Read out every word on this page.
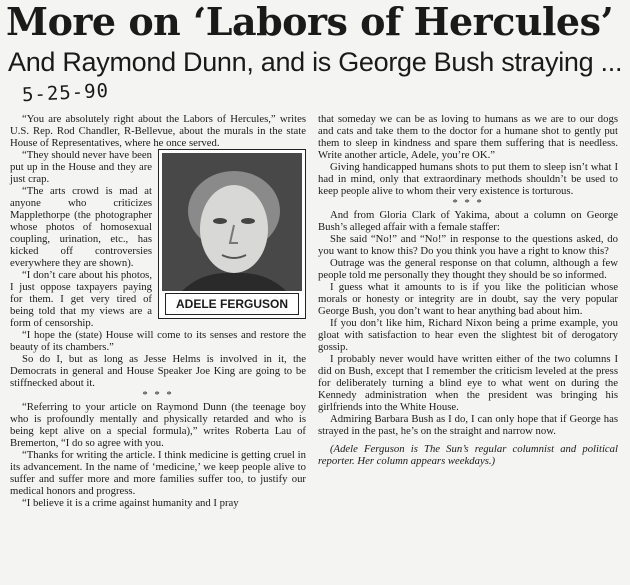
More on ‘Labors of Hercules’
And Raymond Dunn, and is George Bush straying ...
5-25-90

“You are absolutely right about the Labors of Hercules,” writes U.S. Rep. Rod Chandler, R-Bellevue, about the murals in the state House of Representatives, where he once served.

ADELE FERGUSON

“They should never have been put up in the House and they are just crap.

“The arts crowd is mad at anyone who criticizes Mapplethorpe (the photographer whose photos of homosexual coupling, urination, etc., has kicked off controversies everywhere they are shown).

“I don’t care about his photos, I just oppose taxpayers paying for them. I get very tired of being told that my views are a form of censorship.

“I hope the (state) House will come to its senses and restore the beauty of its chambers.”

So do I, but as long as Jesse Helms is involved in it, the Democrats in general and House Speaker Joe King are going to be stiffnecked about it.

* * *

“Referring to your article on Raymond Dunn (the teenage boy who is profoundly mentally and physically retarded and who is being kept alive on a special formula),” writes Roberta Lau of Bremerton, “I do so agree with you.

“Thanks for writing the article. I think medicine is getting cruel in its advancement. In the name of ‘medicine,’ we keep people alive to suffer and suffer more and more families suffer too, to justify our medical honors and progress.

“I believe it is a crime against humanity and I pray

that someday we can be as loving to humans as we are to our dogs and cats and take them to the doctor for a humane shot to gently put them to sleep in kindness and spare them suffering that is needless. Write another article, Adele, you’re OK.”

Giving handicapped humans shots to put them to sleep isn’t what I had in mind, only that extraordinary methods shouldn’t be used to keep people alive to whom their very existence is torturous.

* * *

And from Gloria Clark of Yakima, about a column on George Bush’s alleged affair with a female staffer:

She said “No!” and “No!” in response to the questions asked, do you want to know this? Do you think you have a right to know this?

Outrage was the general response on that column, although a few people told me personally they thought they should be so informed.

I guess what it amounts to is if you like the politician whose morals or honesty or integrity are in doubt, say the very popular George Bush, you don’t want to hear anything bad about him.

If you don’t like him, Richard Nixon being a prime example, you gloat with satisfaction to hear even the slightest bit of derogatory gossip.

I probably never would have written either of the two columns I did on Bush, except that I remember the criticism leveled at the press for deliberately turning a blind eye to what went on during the Kennedy administration when the president was bringing his girlfriends into the White House.

Admiring Barbara Bush as I do, I can only hope that if George has strayed in the past, he’s on the straight and narrow now.

(Adele Ferguson is The Sun’s regular columnist and political reporter. Her column appears weekdays.)
